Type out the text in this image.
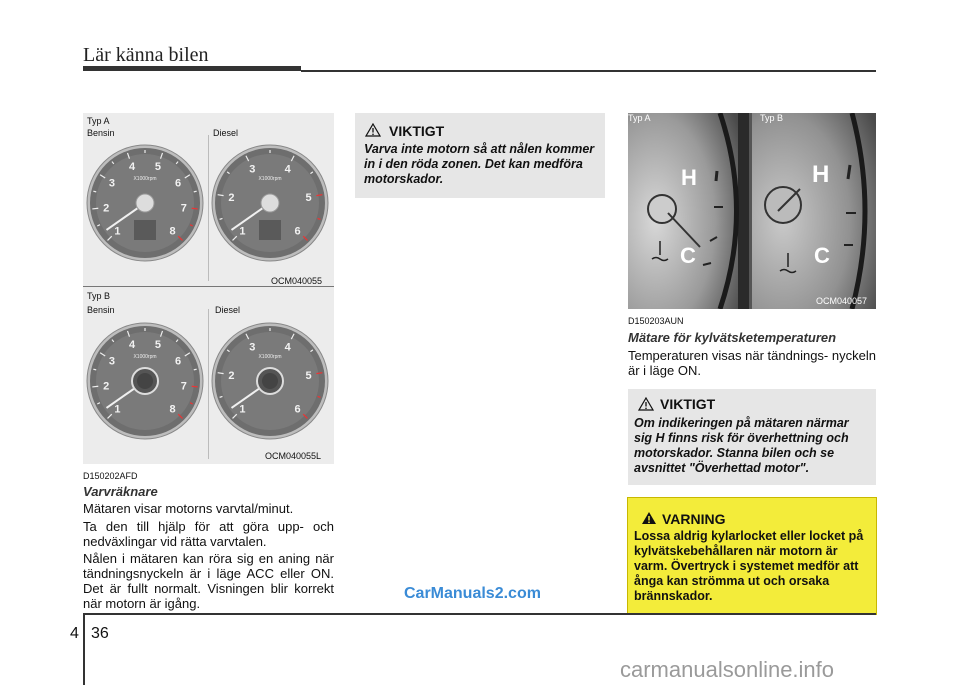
Lär känna bilen
Typ A
Bensin	Diesel
OCM040055
Typ B
Bensin	Diesel
OCM040055L
1
2
3
4 5
6
7
8
X1000rpm
1
2
3	4
5
6
X1000rpm
1
2
3
4 5
6
7
8
X1000rpm
1
2
3	4
5
6
X1000rpm
D150202AFD
Varvräknare
Mätaren visar motorns varvtal/minut.
Ta den till hjälp för att göra upp- och nedväxlingar vid rätta varvtalen.
Nålen i mätaren kan röra sig en aning när tändningsnyckeln är i läge ACC eller ON. Det är fullt normalt. Visningen blir korrekt när motorn är igång.
VIKTIGT
Varva inte motorn så att nålen kommer in i den röda zonen. Det kan medföra motorskador.
Typ A	Typ B
H
C
H
C
OCM040057
D150203AUN
Mätare för kylvätsketemperaturen
Temperaturen visas när tändnings- nyckeln är i läge ON.
VIKTIGT
Om indikeringen på mätaren närmar sig H finns risk för överhettning och motorskador. Stanna bilen och se avsnittet "Överhettad motor".
VARNING
Lossa aldrig kylarlocket eller locket på kylvätskebehållaren när motorn är varm. Övertryck i systemet medför att ånga kan strömma ut och orsaka brännskador.
CarManuals2.com
4 36
carmanualsonline.info
